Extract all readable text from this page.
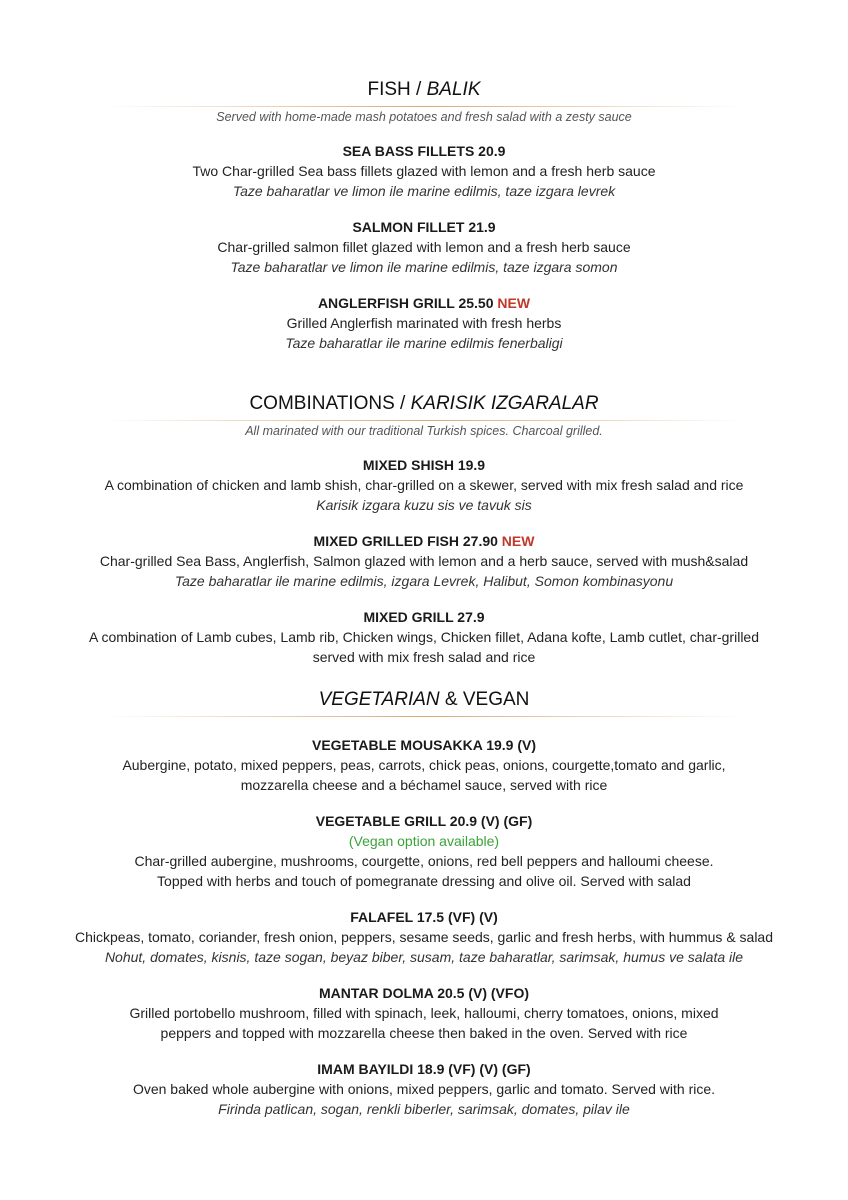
FISH / BALIK
Served with home-made mash potatoes and fresh salad with a zesty sauce
SEA BASS FILLETS 20.9
Two Char-grilled Sea bass fillets glazed with lemon and a fresh herb sauce
Taze baharatlar ve limon ile marine edilmis, taze izgara levrek
SALMON FILLET 21.9
Char-grilled salmon fillet glazed with lemon and a fresh herb sauce
Taze baharatlar ve limon ile marine edilmis, taze izgara somon
ANGLERFISH GRILL 25.50 NEW
Grilled Anglerfish marinated with fresh herbs
Taze baharatlar ile marine edilmis fenerbaligi
COMBINATIONS / KARISIK IZGARALAR
All marinated with our traditional Turkish spices. Charcoal grilled.
MIXED SHISH 19.9
A combination of chicken and lamb shish, char-grilled on a skewer, served with mix fresh salad and rice
Karisik izgara kuzu sis ve tavuk sis
MIXED GRILLED FISH 27.90 NEW
Char-grilled Sea Bass, Anglerfish, Salmon glazed with lemon and a herb sauce, served with mush&salad
Taze baharatlar ile marine edilmis, izgara Levrek, Halibut, Somon kombinasyonu
MIXED GRILL 27.9
A combination of Lamb cubes, Lamb rib, Chicken wings, Chicken fillet, Adana kofte, Lamb cutlet, char-grilled
served with mix fresh salad and rice
VEGETARIAN & VEGAN
VEGETABLE MOUSAKKA 19.9 (V)
Aubergine, potato, mixed peppers, peas, carrots, chick peas, onions, courgette,tomato and garlic,
mozzarella cheese and a béchamel sauce, served with rice
VEGETABLE GRILL 20.9 (V) (GF)
(Vegan option available)
Char-grilled aubergine, mushrooms, courgette, onions, red bell peppers and halloumi cheese.
Topped with herbs and touch of pomegranate dressing and olive oil. Served with salad
FALAFEL 17.5 (VF) (V)
Chickpeas, tomato, coriander, fresh onion, peppers, sesame seeds, garlic and fresh herbs, with hummus & salad
Nohut, domates, kisnis, taze sogan, beyaz biber, susam, taze baharatlar, sarimsak, humus ve salata ile
MANTAR DOLMA 20.5 (V) (VFO)
Grilled portobello mushroom, filled with spinach, leek, halloumi, cherry tomatoes, onions, mixed
peppers and topped with mozzarella cheese then baked in the oven. Served with rice
IMAM BAYILDI 18.9 (VF) (V) (GF)
Oven baked whole aubergine with onions, mixed peppers, garlic and tomato. Served with rice.
Firinda patlican, sogan, renkli biberler, sarimsak, domates, pilav ile
